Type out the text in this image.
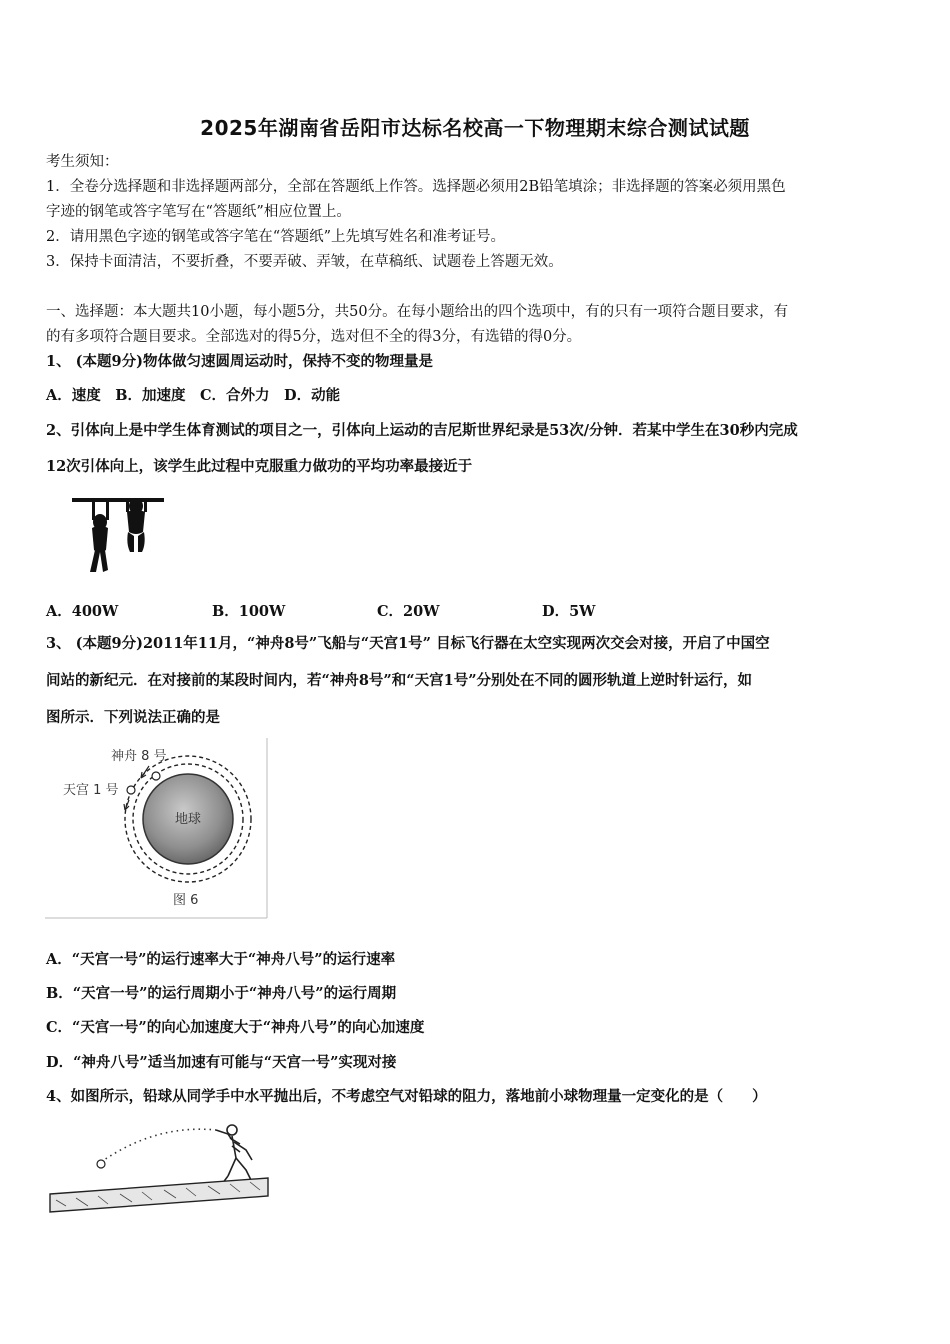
2025年湖南省岳阳市达标名校高一下物理期末综合测试试题
考生须知：
1．全卷分选择题和非选择题两部分，全部在答题纸上作答。选择题必须用2B铅笔填涂；非选择题的答案必须用黑色
字迹的钢笔或答字笔写在“答题纸”相应位置上。
2．请用黑色字迹的钢笔或答字笔在“答题纸”上先填写姓名和准考证号。
3．保持卡面清洁，不要折叠，不要弄破、弄皱，在草稿纸、试题卷上答题无效。
一、选择题：本大题共10小题，每小题5分，共50分。在每小题给出的四个选项中，有的只有一项符合题目要求，有
的有多项符合题目要求。全部选对的得5分，选对但不全的得3分，有选错的得0分。
1、 (本题9分)物体做匀速圆周运动时，保持不变的物理量是
A．速度　B．加速度　C．合外力　D．动能
2、引体向上是中学生体育测试的项目之一，引体向上运动的吉尼斯世界纪录是53次/分钟．若某中学生在30秒内完成
12次引体向上，该学生此过程中克服重力做功的平均功率最接近于
A．400W	B．100W	C．20W	D．5W
3、 (本题9分)2011年11月，“神舟8号”飞船与“天宫1号” 目标飞行器在太空实现两次交会对接，开启了中国空
间站的新纪元．在对接前的某段时间内，若“神舟8号”和“天宫1号”分别处在不同的圆形轨道上逆时针运行，如
图所示．下列说法正确的是
地球
神舟 8 号
天宫 1 号
图 6
A．“天宫一号”的运行速率大于“神舟八号”的运行速率
B．“天宫一号”的运行周期小于“神舟八号”的运行周期
C．“天宫一号”的向心加速度大于“神舟八号”的向心加速度
D．“神舟八号”适当加速有可能与“天宫一号”实现对接
4、如图所示，铅球从同学手中水平抛出后，不考虑空气对铅球的阻力，落地前小球物理量一定变化的是（　　）
